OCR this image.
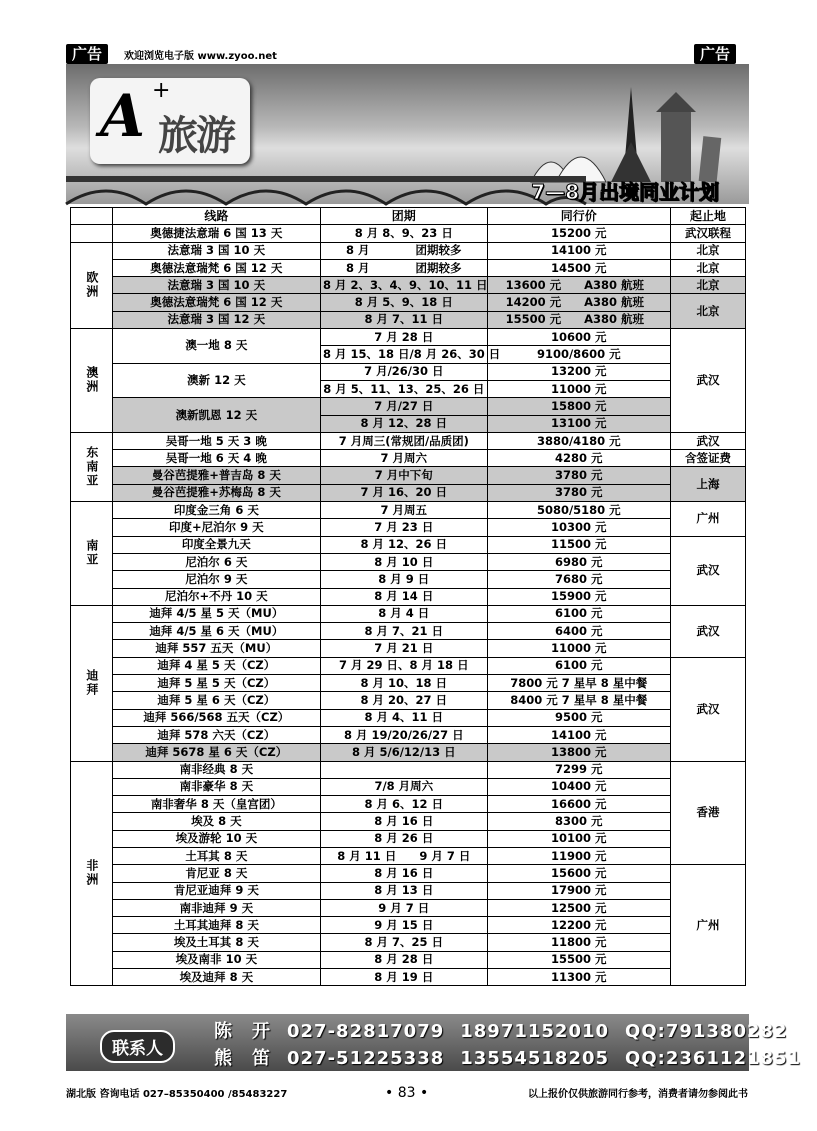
广告	欢迎浏览电子版 www.zyoo.net	广告
A +
旅游
7—8月出境同业计划
	线路	团期	同行价	起止地
	奥德捷法意瑞 6 国 13 天	8 月 8、9、23 日	15200 元	武汉联程
欧洲	法意瑞 3 国 10 天	8 月　　　　团期较多	14100 元	北京
	奥德法意瑞梵 6 国 12 天	8 月　　　　团期较多	14500 元	北京
	法意瑞 3 国 10 天	8 月 2、3、4、9、10、11 日	13600 元　　A380 航班	北京
	奥德法意瑞梵 6 国 12 天	8 月 5、9、18 日	14200 元　　A380 航班	北京
	法意瑞 3 国 12 天	8 月 7、11 日	15500 元　　A380 航班	
澳洲	澳一地 8 天	7 月 28 日	10600 元	武汉
		8 月 15、18 日/8 月 26、30 日	9100/8600 元	
	澳新 12 天	7 月/26/30 日	13200 元	
		8 月 5、11、13、25、26 日	11000 元	
	澳新凯恩 12 天	7 月/27 日	15800 元	
		8 月 12、28 日	13100 元	
东南亚	吴哥一地 5 天 3 晚	7 月周三(常规团/品质团)	3880/4180 元	武汉
	吴哥一地 6 天 4 晚	7 月周六	4280 元	含签证费
	曼谷芭提雅+普吉岛 8 天	7 月中下旬	3780 元	上海
	曼谷芭提雅+苏梅岛 8 天	7 月 16、20 日	3780 元	
南亚	印度金三角 6 天	7 月周五	5080/5180 元	广州
	印度+尼泊尔 9 天	7 月 23 日	10300 元	
	印度全景九天	8 月 12、26 日	11500 元	武汉
	尼泊尔 6 天	8 月 10 日	6980 元	
	尼泊尔 9 天	8 月 9 日	7680 元	
	尼泊尔+不丹 10 天	8 月 14 日	15900 元	
迪拜	迪拜 4/5 星 5 天（MU）	8 月 4 日	6100 元	武汉
	迪拜 4/5 星 6 天（MU）	8 月 7、21 日	6400 元	
	迪拜 557 五天（MU）	7 月 21 日	11000 元	
	迪拜 4 星 5 天（CZ）	7 月 29 日、8 月 18 日	6100 元	武汉
	迪拜 5 星 5 天（CZ）	8 月 10、18 日	7800 元 7 星早 8 星中餐	
	迪拜 5 星 6 天（CZ）	8 月 20、27 日	8400 元 7 星早 8 星中餐	
	迪拜 566/568 五天（CZ）	8 月 4、11 日	9500 元	
	迪拜 578 六天（CZ）	8 月 19/20/26/27 日	14100 元	
	迪拜 5678 星 6 天（CZ）	8 月 5/6/12/13 日	13800 元	
非洲	南非经典 8 天		7299 元	香港
	南非豪华 8 天	7/8 月周六	10400 元	
	南非奢华 8 天（皇宫团）	8 月 6、12 日	16600 元	
	埃及 8 天	8 月 16 日	8300 元	
	埃及游轮 10 天	8 月 26 日	10100 元	
	土耳其 8 天	8 月 11 日　　9 月 7 日	11900 元	
	肯尼亚 8 天	8 月 16 日	15600 元	广州
	肯尼亚迪拜 9 天	8 月 13 日	17900 元	
	南非迪拜 9 天	9 月 7 日	12500 元	
	土耳其迪拜 8 天	9 月 15 日	12200 元	
	埃及土耳其 8 天	8 月 7、25 日	11800 元	
	埃及南非 10 天	8 月 28 日	15500 元	
	埃及迪拜 8 天	8 月 19 日	11300 元	
联系人
陈　开 027-82817079 18971152010 QQ:791380282
熊　笛 027-51225338 13554518205 QQ:2361121851
湖北版 咨询电话 027–85350400 /85483227	• 83 •	以上报价仅供旅游同行参考，消费者请勿参阅此书
